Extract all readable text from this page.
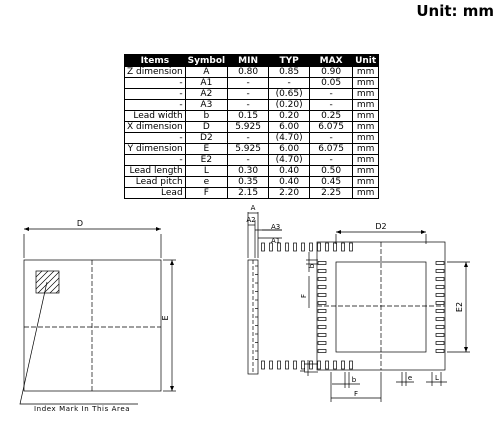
Unit: mm
Items	Symbol	MIN	TYP	MAX	Unit
Z dimension	A	0.80	0.85	0.90	mm
-	A1	-	-	0.05	mm
-	A2	-	(0.65)	-	mm
-	A3	-	(0.20)	-	mm
Lead width	b	0.15	0.20	0.25	mm
X dimension	D	5.925	6.00	6.075	mm
-	D2	-	(4.70)	-	mm
Y dimension	E	5.925	6.00	6.075	mm
-	E2	-	(4.70)	-	mm
Lead length	L	0.30	0.40	0.50	mm
Lead pitch	e	0.35	0.40	0.45	mm
Lead	F	2.15	2.20	2.25	mm
D
E
Index Mark In This Area
A
A2
A3
A1
D2
E2
b
F
L
b
F
e	L
